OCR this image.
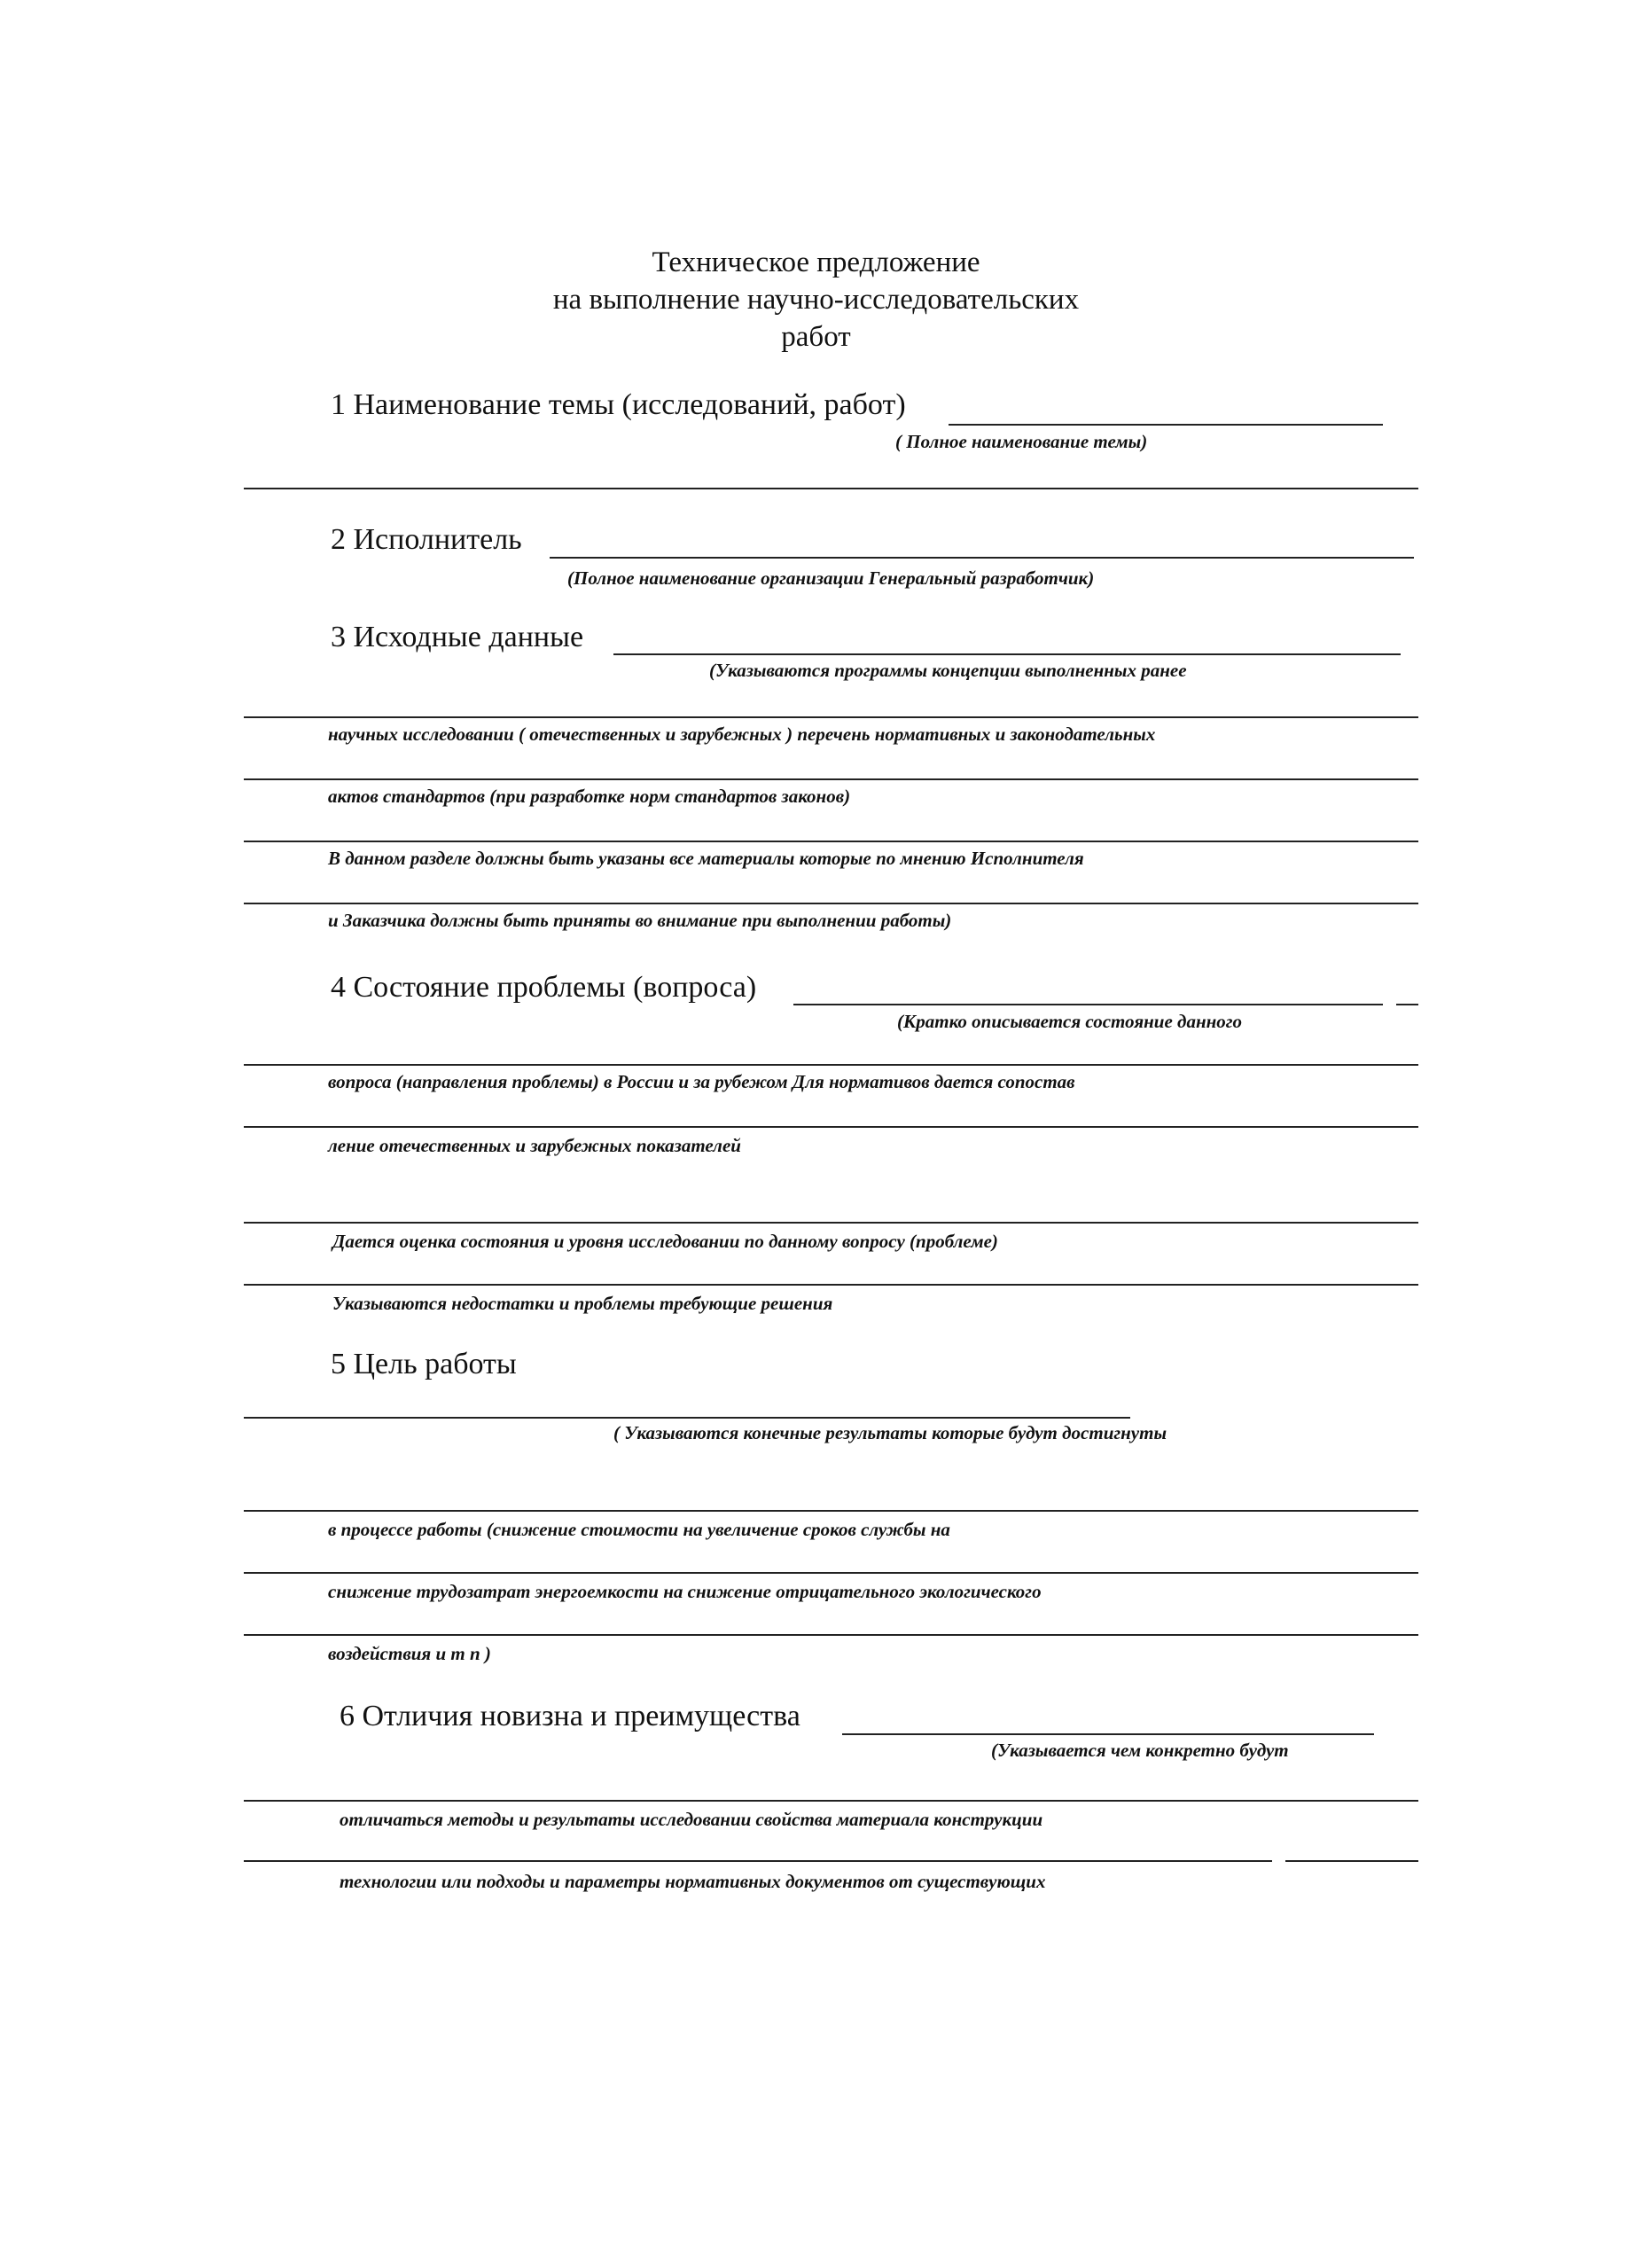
Техническое предложение
на выполнение научно-исследовательских
работ
1 Наименование темы (исследований, работ)
( Полное наименование темы)
2 Исполнитель
(Полное наименование организации Генеральный разработчик)
3 Исходные данные
(Указываются программы концепции выполненных ранее
научных исследовании ( отечественных и зарубежных ) перечень нормативных и законодательных
актов стандартов (при разработке норм стандартов законов)
В данном разделе должны быть указаны все материалы которые по мнению Исполнителя
и Заказчика должны быть приняты во внимание при выполнении работы)
4 Состояние проблемы (вопроса)
(Кратко описывается состояние данного
вопроса (направления проблемы) в России и за рубежом Для нормативов дается сопостав
ление отечественных и зарубежных показателей
Дается оценка состояния и уровня исследовании по данному вопросу (проблеме)
Указываются недостатки и проблемы требующие решения
5 Цель работы
( Указываются конечные результаты которые будут достигнуты
в процессе работы (снижение стоимости на увеличение сроков службы на
снижение трудозатрат энергоемкости на снижение отрицательного экологического
воздействия и т п )
6 Отличия новизна и преимущества
(Указывается чем конкретно будут
отличаться методы и результаты исследовании свойства материала конструкции
технологии или подходы и параметры нормативных документов от существующих
